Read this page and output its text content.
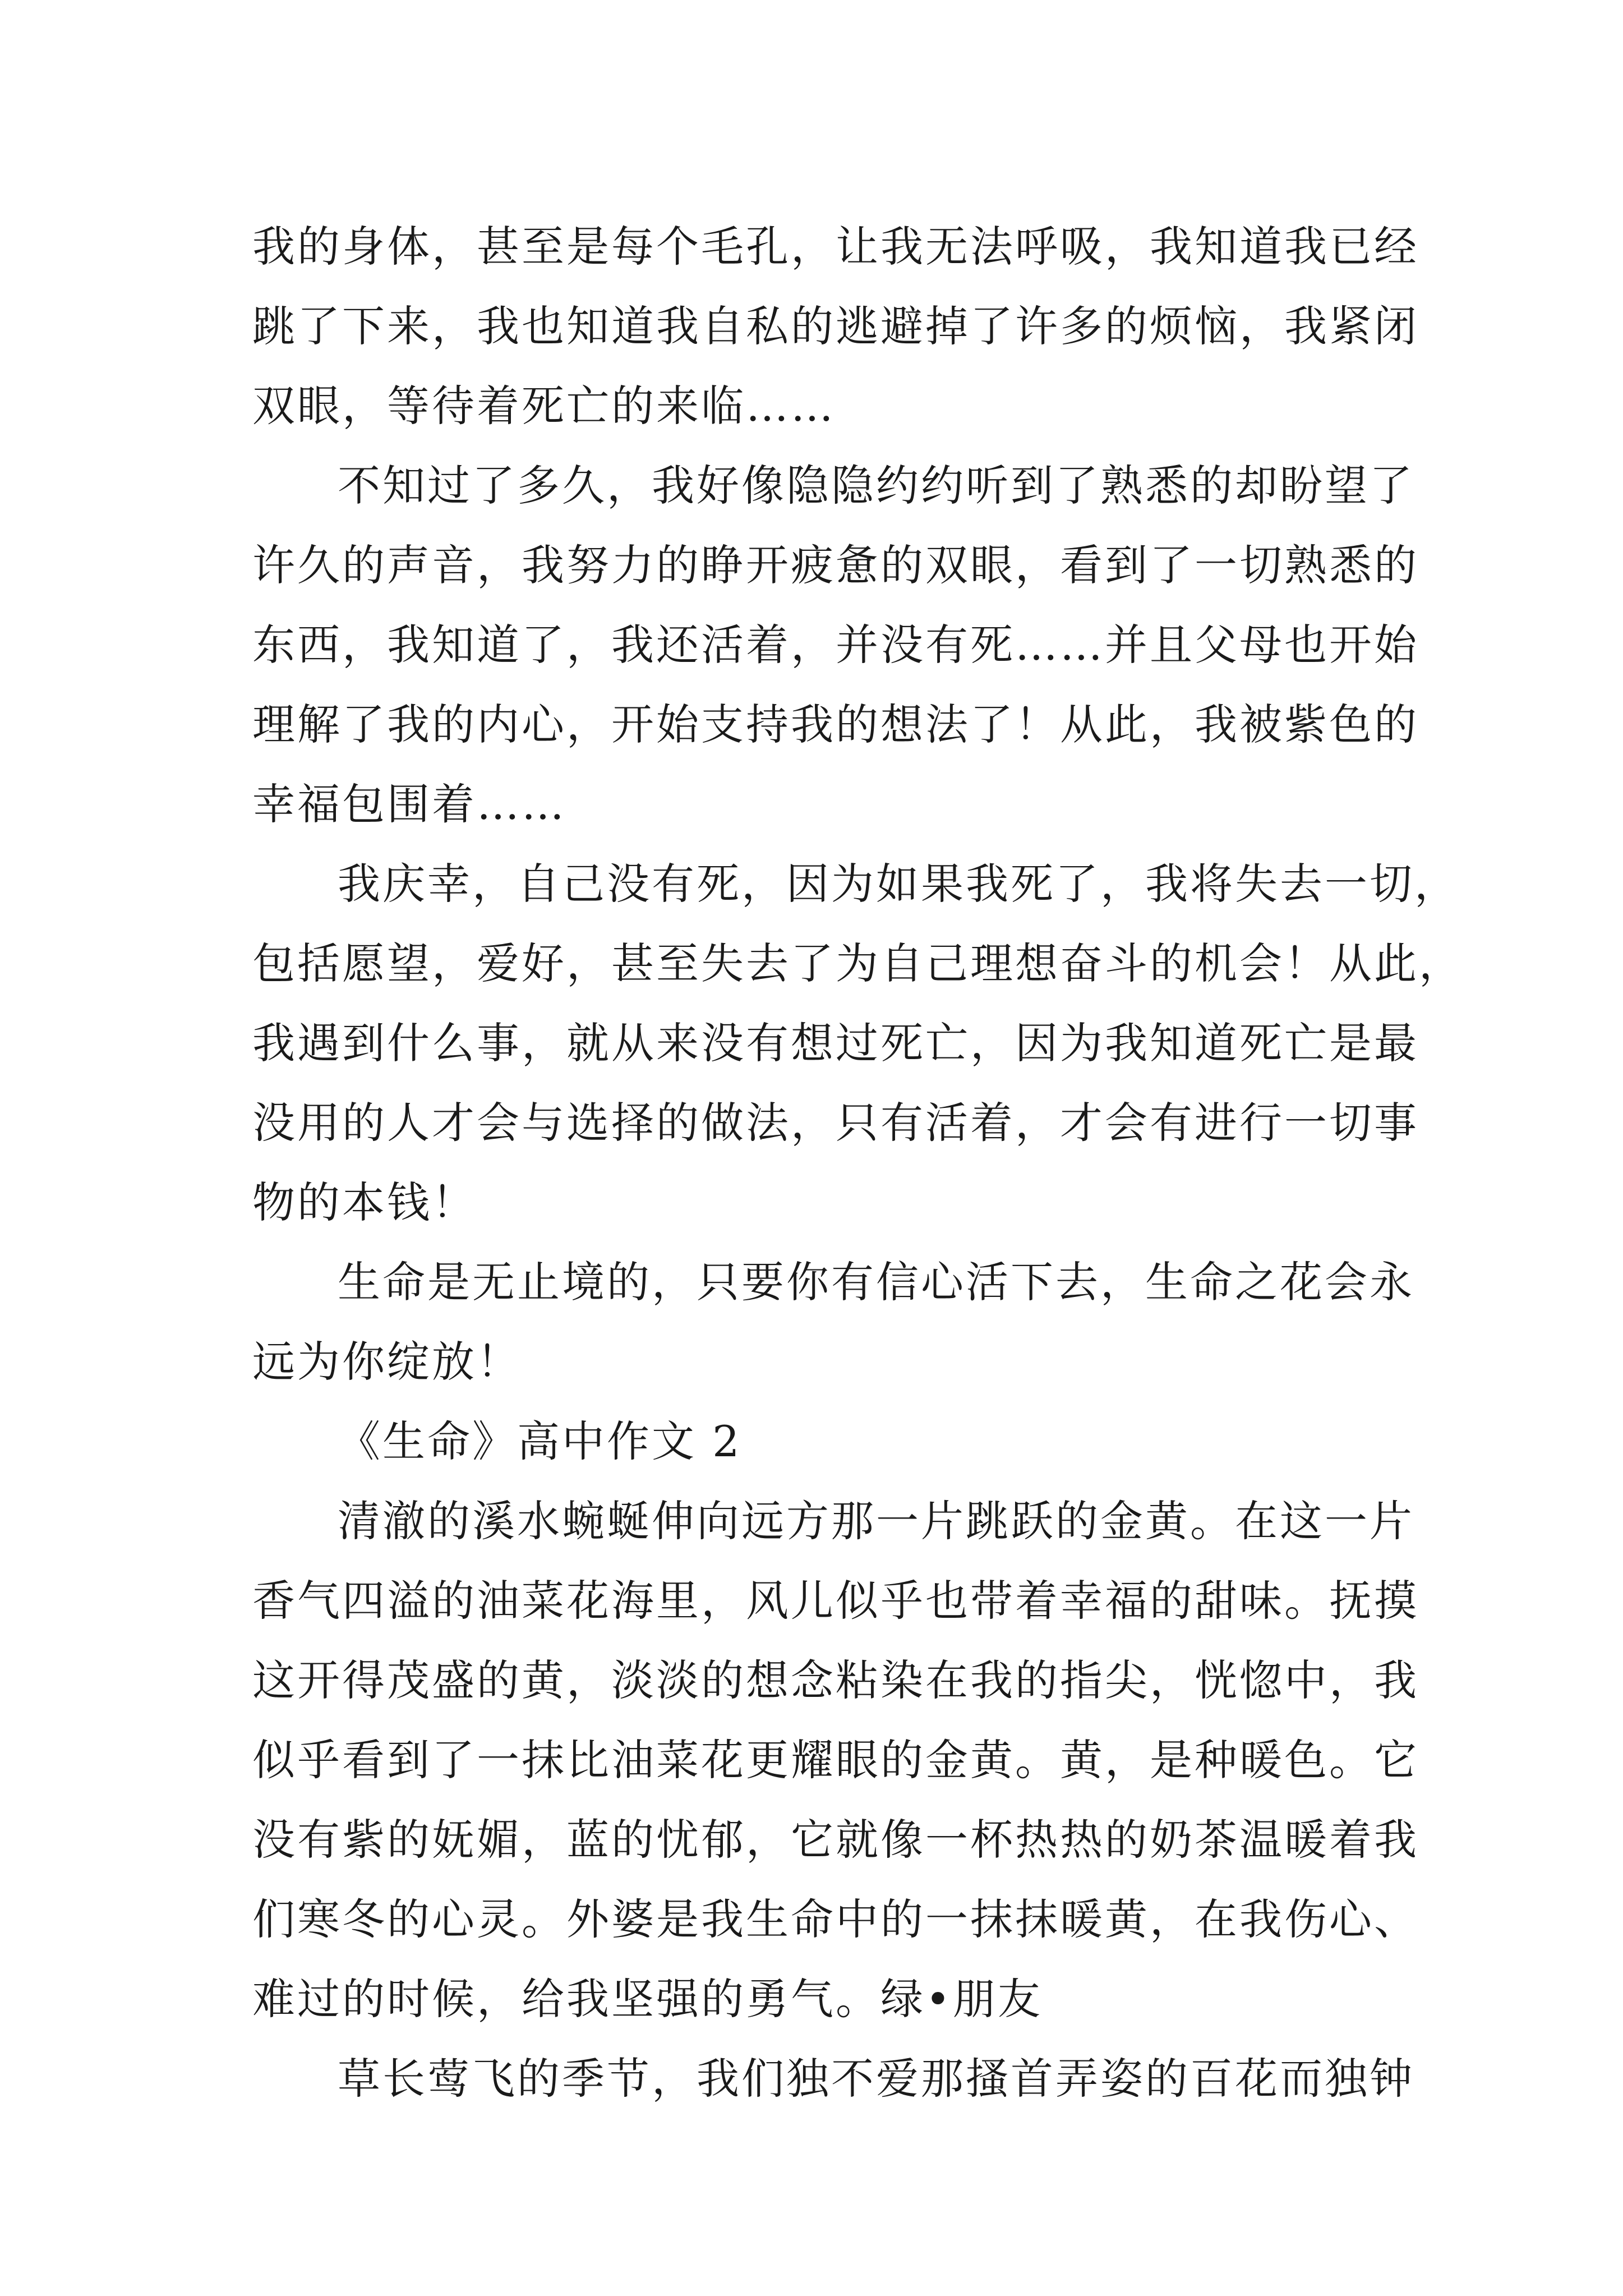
我的身体，甚至是每个毛孔，让我无法呼吸，我知道我已经
跳了下来，我也知道我自私的逃避掉了许多的烦恼，我紧闭
双眼，等待着死亡的来临……
不知过了多久，我好像隐隐约约听到了熟悉的却盼望了
许久的声音，我努力的睁开疲惫的双眼，看到了一切熟悉的
东西，我知道了，我还活着，并没有死……并且父母也开始
理解了我的内心，开始支持我的想法了！从此，我被紫色的
幸福包围着……
我庆幸，自己没有死，因为如果我死了，我将失去一切，
包括愿望，爱好，甚至失去了为自己理想奋斗的机会！从此，
我遇到什么事，就从来没有想过死亡，因为我知道死亡是最
没用的人才会与选择的做法，只有活着，才会有进行一切事
物的本钱！
生命是无止境的，只要你有信心活下去，生命之花会永
远为你绽放！
《生命》高中作文 2
清澈的溪水蜿蜒伸向远方那一片跳跃的金黄。在这一片
香气四溢的油菜花海里，风儿似乎也带着幸福的甜味。抚摸
这开得茂盛的黄，淡淡的想念粘染在我的指尖，恍惚中，我
似乎看到了一抹比油菜花更耀眼的金黄。黄，是种暖色。它
没有紫的妩媚，蓝的忧郁，它就像一杯热热的奶茶温暖着我
们寒冬的心灵。外婆是我生命中的一抹抹暖黄，在我伤心、
难过的时候，给我坚强的勇气。绿•朋友
草长莺飞的季节，我们独不爱那搔首弄姿的百花而独钟
